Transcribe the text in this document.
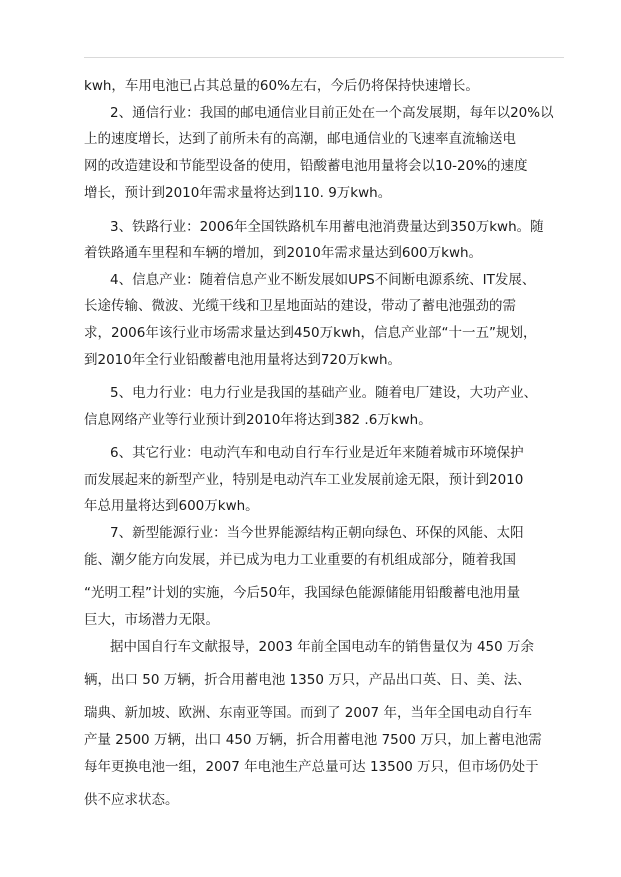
kwh，车用电池已占其总量的60%左右，今后仍将保持快速增长。
2、通信行业：我国的邮电通信业目前正处在一个高发展期，每年以20%以
上的速度增长，达到了前所未有的高潮，邮电通信业的飞速率直流输送电
网的改造建设和节能型设备的使用，铅酸蓄电池用量将会以10-20%的速度
增长，预计到2010年需求量将达到110. 9万kwh。
3、铁路行业：2006年全国铁路机车用蓄电池消费量达到350万kwh。随
着铁路通车里程和车辆的增加，到2010年需求量达到600万kwh。
4、信息产业：随着信息产业不断发展如UPS不间断电源系统、IT发展、
长途传输、微波、光缆干线和卫星地面站的建设，带动了蓄电池强劲的需
求，2006年该行业市场需求量达到450万kwh，信息产业部“十一五”规划，
到2010年全行业铅酸蓄电池用量将达到720万kwh。
5、电力行业：电力行业是我国的基础产业。随着电厂建设，大功产业、
信息网络产业等行业预计到2010年将达到382 .6万kwh。
6、其它行业：电动汽车和电动自行车行业是近年来随着城市环境保护
而发展起来的新型产业，特别是电动汽车工业发展前途无限，预计到2010
年总用量将达到600万kwh。
7、新型能源行业：当今世界能源结构正朝向绿色、环保的风能、太阳
能、潮夕能方向发展，并已成为电力工业重要的有机组成部分，随着我国
“光明工程”计划的实施，今后50年，我国绿色能源储能用铅酸蓄电池用量
巨大，市场潜力无限。
据中国自行车文献报导，2003 年前全国电动车的销售量仅为 450 万余
辆，出口 50 万辆，折合用蓄电池 1350 万只，产品出口英、日、美、法、
瑞典、新加坡、欧洲、东南亚等国。而到了 2007 年，当年全国电动自行车
产量 2500 万辆，出口 450 万辆，折合用蓄电池 7500 万只，加上蓄电池需
每年更换电池一组，2007 年电池生产总量可达 13500 万只，但市场仍处于
供不应求状态。
